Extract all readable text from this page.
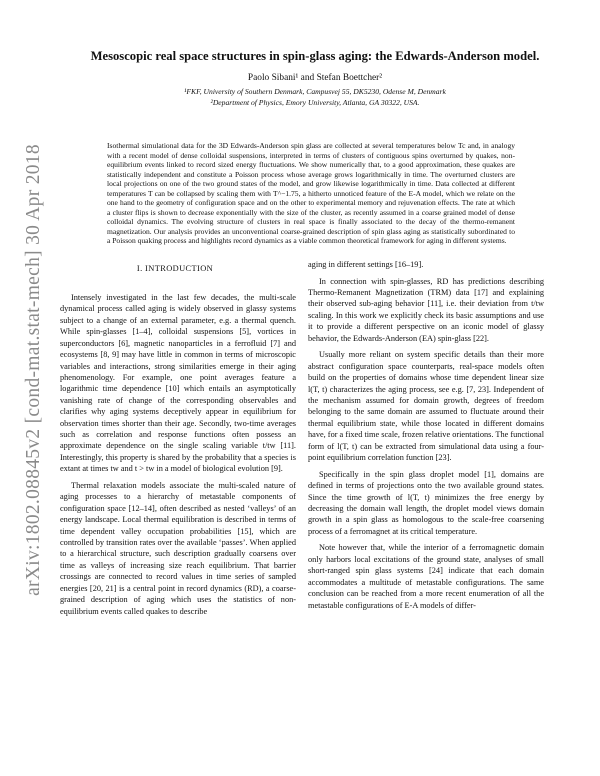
arXiv:1802.08845v2 [cond-mat.stat-mech] 30 Apr 2018
Mesoscopic real space structures in spin-glass aging: the Edwards-Anderson model.
Paolo Sibani¹ and Stefan Boettcher²
¹FKF, University of Southern Denmark, Campusvej 55, DK5230, Odense M, Denmark
²Department of Physics, Emory University, Atlanta, GA 30322, USA.
Isothermal simulational data for the 3D Edwards-Anderson spin glass are collected at several temperatures below Tc and, in analogy with a recent model of dense colloidal suspensions, interpreted in terms of clusters of contiguous spins overturned by quakes, non-equilibrium events linked to record sized energy fluctuations. We show numerically that, to a good approximation, these quakes are statistically independent and constitute a Poisson process whose average grows logarithmically in time. The overturned clusters are local projections on one of the two ground states of the model, and grow likewise logarithmically in time. Data collected at different temperatures T can be collapsed by scaling them with T^−1.75, a hitherto unnoticed feature of the E-A model, which we relate on the one hand to the geometry of configuration space and on the other to experimental memory and rejuvenation effects. The rate at which a cluster flips is shown to decrease exponentially with the size of the cluster, as recently assumed in a coarse grained model of dense colloidal dynamics. The evolving structure of clusters in real space is finally associated to the decay of the thermo-remanent magnetization. Our analysis provides an unconventional coarse-grained description of spin glass aging as statistically subordinated to a Poisson quaking process and highlights record dynamics as a viable common theoretical framework for aging in different systems.
I. INTRODUCTION

Intensely investigated in the last few decades, the multi-scale dynamical process called aging is widely observed in glassy systems subject to a change of an external parameter, e.g. a thermal quench. While spin-glasses [1–4], colloidal suspensions [5], vortices in superconductors [6], magnetic nanoparticles in a ferrofluid [7] and ecosystems [8, 9] may have little in common in terms of microscopic variables and interactions, strong similarities emerge in their aging phenomenology. For example, one point averages feature a logarithmic time dependence [10] which entails an asymptotically vanishing rate of change of the corresponding observables and clarifies why aging systems deceptively appear in equilibrium for observation times shorter than their age. Secondly, two-time averages such as correlation and response functions often possess an approximate dependence on the single scaling variable t/tw [11]. Interestingly, this property is shared by the probability that a species is extant at times tw and t > tw in a model of biological evolution [9].

Thermal relaxation models associate the multi-scaled nature of aging processes to a hierarchy of metastable components of configuration space [12–14], often described as nested ‘valleys’ of an energy landscape. Local thermal equilibration is described in terms of time dependent valley occupation probabilities [15], which are controlled by transition rates over the available ‘passes’. When applied to a hierarchical structure, such description gradually coarsens over time as valleys of increasing size reach equilibrium. That barrier crossings are connected to record values in time series of sampled energies [20, 21] is a central point in record dynamics (RD), a coarse-grained description of aging which uses the statistics of non-equilibrium events called quakes to describe

aging in different settings [16–19].

In connection with spin-glasses, RD has predictions describing Thermo-Remanent Magnetization (TRM) data [17] and explaining their observed sub-aging behavior [11], i.e. their deviation from t/tw scaling. In this work we explicitly check its basic assumptions and use it to provide a different perspective on an iconic model of glassy behavior, the Edwards-Anderson (EA) spin-glass [22].

Usually more reliant on system specific details than their more abstract configuration space counterparts, real-space models often build on the properties of domains whose time dependent linear size l(T, t) characterizes the aging process, see e.g. [7, 23]. Independent of the mechanism assumed for domain growth, degrees of freedom belonging to the same domain are assumed to fluctuate around their thermal equilibrium state, while those located in different domains have, for a fixed time scale, frozen relative orientations. The functional form of l(T, t) can be extracted from simulational data using a four-point equilibrium correlation function [23].

Specifically in the spin glass droplet model [1], domains are defined in terms of projections onto the two available ground states. Since the time growth of l(T, t) minimizes the free energy by decreasing the domain wall length, the droplet model views domain growth in a spin glass as homologous to the scale-free coarsening process of a ferromagnet at its critical temperature.

Note however that, while the interior of a ferromagnetic domain only harbors local excitations of the ground state, analyses of small short-ranged spin glass systems [24] indicate that each domain accommodates a multitude of metastable configurations. The same conclusion can be reached from a more recent enumeration of all the metastable configurations of E-A models of differ-
